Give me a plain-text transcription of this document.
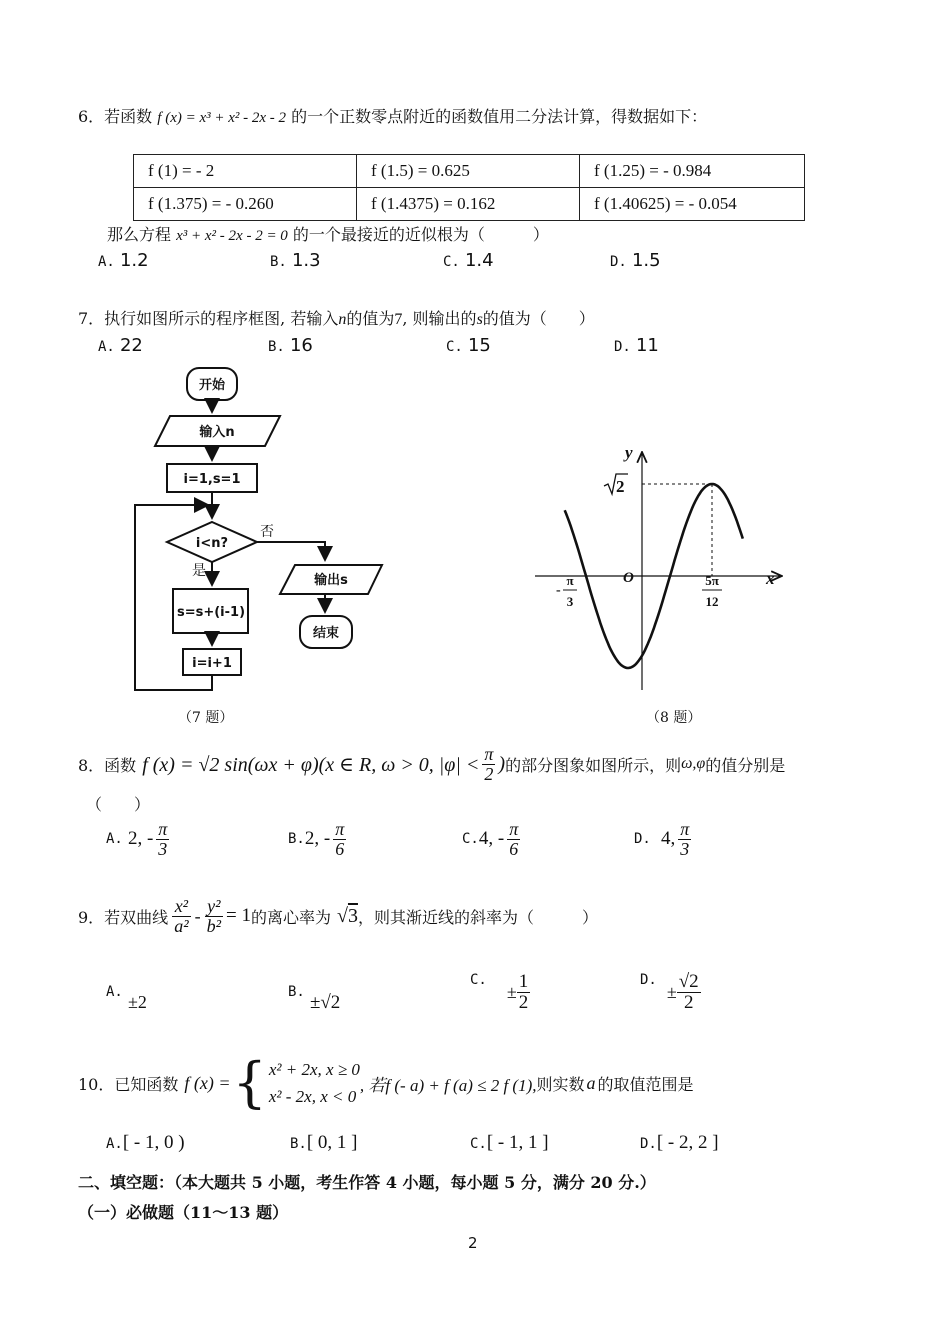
6．若函数 f (x) = x³ + x² - 2x - 2 的一个正数零点附近的函数值用二分法计算，得数据如下：
f (1) = - 2	f (1.5) = 0.625	f (1.25) = - 0.984
f (1.375) = - 0.260	f (1.4375) = 0.162	f (1.40625) = - 0.054
那么方程 x³ + x² - 2x - 2 = 0 的一个最接近的近似根为（　　　）
A. 1.2	B. 1.3	C. 1.4	D. 1.5
7．执行如图所示的程序框图, 若输入n的值为7, 则输出的s的值为（　　）
A. 22	B. 16	C. 15	D. 11
开始
输入n
i=1,s=1
i<n?
输出s
结束
s=s+(i-1)
i=i+1
否
是
（7 题）
y
x
O
2
-
π
3
5π
12
（8 题）
8．函数 f (x) = √2 sin(ωx + φ)(x ∈ R, ω > 0, $|\varphi| < \frac{\pi}{2}$ ) 的部分图象如图所示，则 ω,φ 的值分别是
（　　）
A.
2, - $\frac{\pi}{3}$	B. 2, - $\frac{\pi}{6}$	C. 4, - $\frac{\pi}{6}$	D.
4, $\frac{\pi}{3}$
9．若双曲线 $\frac{\text{x²}}{\text{a²}} - \frac{\text{y²}}{\text{b²}} = 1$ 的离心率为 √3 ，则其渐近线的斜率为（　　　）
A. ±2	B. ±√2
C.
± $\frac{1}{2}$	D.
± $\frac{√2}{2}$
10．已知函数 f (x) = { x² + 2x, x ≥ 0
x² - 2x, x < 0
, 若f (- a) + f (a) ≤ 2 f (1), 则实数 a 的取值范围是
A.[ - 1, 0 )	B.[ 0, 1 ]	C.[ - 1, 1 ]	D.[ - 2, 2 ]
二、填空题：（本大题共 5 小题，考生作答 4 小题，每小题 5 分，满分 20 分.）
（一）必做题（11～13 题）
2
